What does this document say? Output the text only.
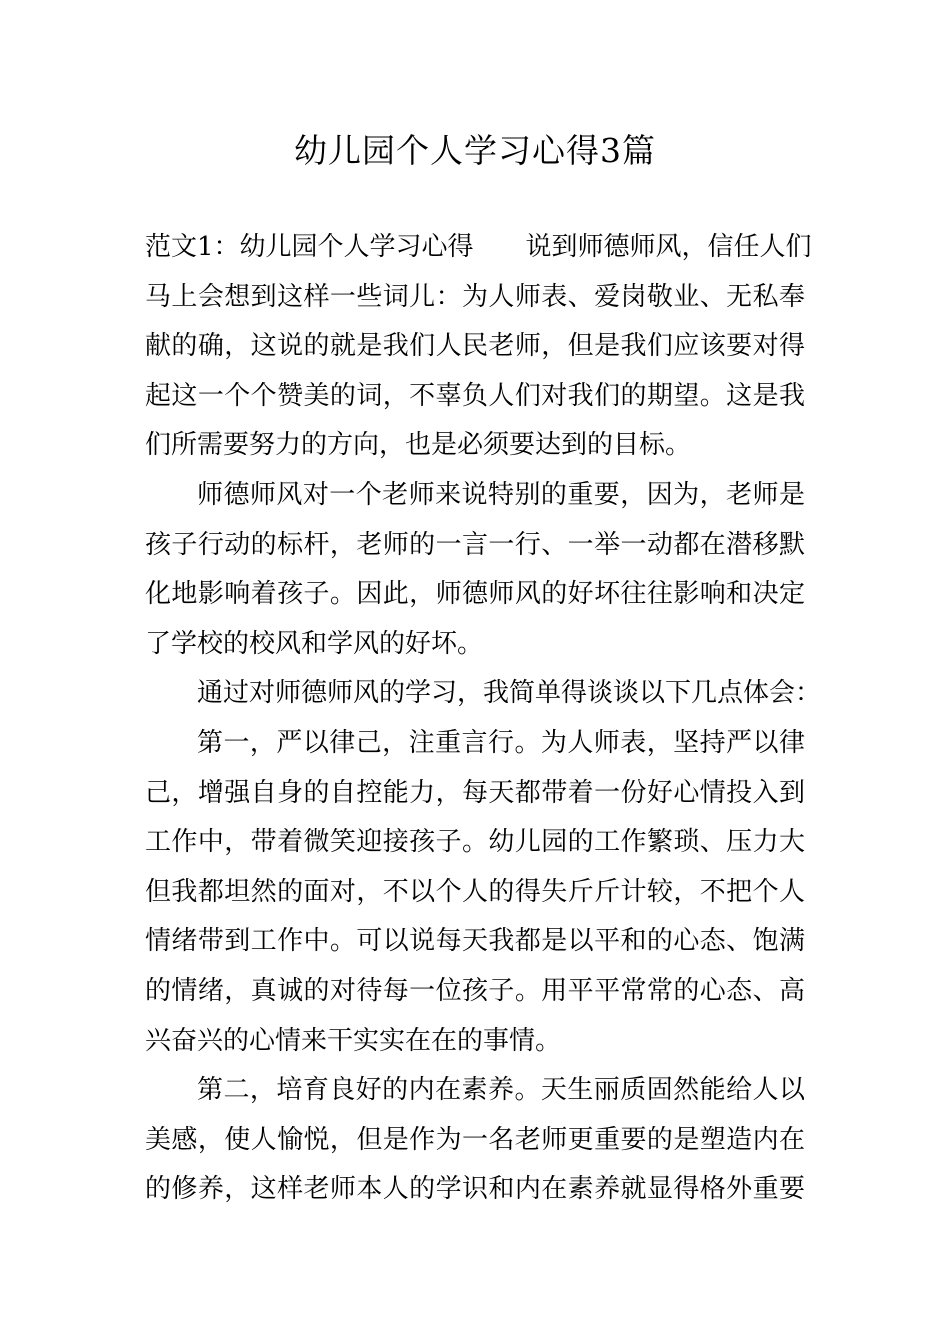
幼儿园个人学习心得3篇
范文1：幼儿园个人学习心得　　说到师德师风，信任人们
马上会想到这样一些词儿：为人师表、爱岗敬业、无私奉
献的确，这说的就是我们人民老师，但是我们应该要对得
起这一个个赞美的词，不辜负人们对我们的期望。这是我
们所需要努力的方向，也是必须要达到的目标。
师德师风对一个老师来说特别的重要，因为，老师是
孩子行动的标杆，老师的一言一行、一举一动都在潜移默
化地影响着孩子。因此，师德师风的好坏往往影响和决定
了学校的校风和学风的好坏。
通过对师德师风的学习，我简单得谈谈以下几点体会：
第一，严以律己，注重言行。为人师表，坚持严以律
己，增强自身的自控能力，每天都带着一份好心情投入到
工作中，带着微笑迎接孩子。幼儿园的工作繁琐、压力大
但我都坦然的面对，不以个人的得失斤斤计较，不把个人
情绪带到工作中。可以说每天我都是以平和的心态、饱满
的情绪，真诚的对待每一位孩子。用平平常常的心态、高
兴奋兴的心情来干实实在在的事情。
第二，培育良好的内在素养。天生丽质固然能给人以
美感，使人愉悦，但是作为一名老师更重要的是塑造内在
的修养，这样老师本人的学识和内在素养就显得格外重要
